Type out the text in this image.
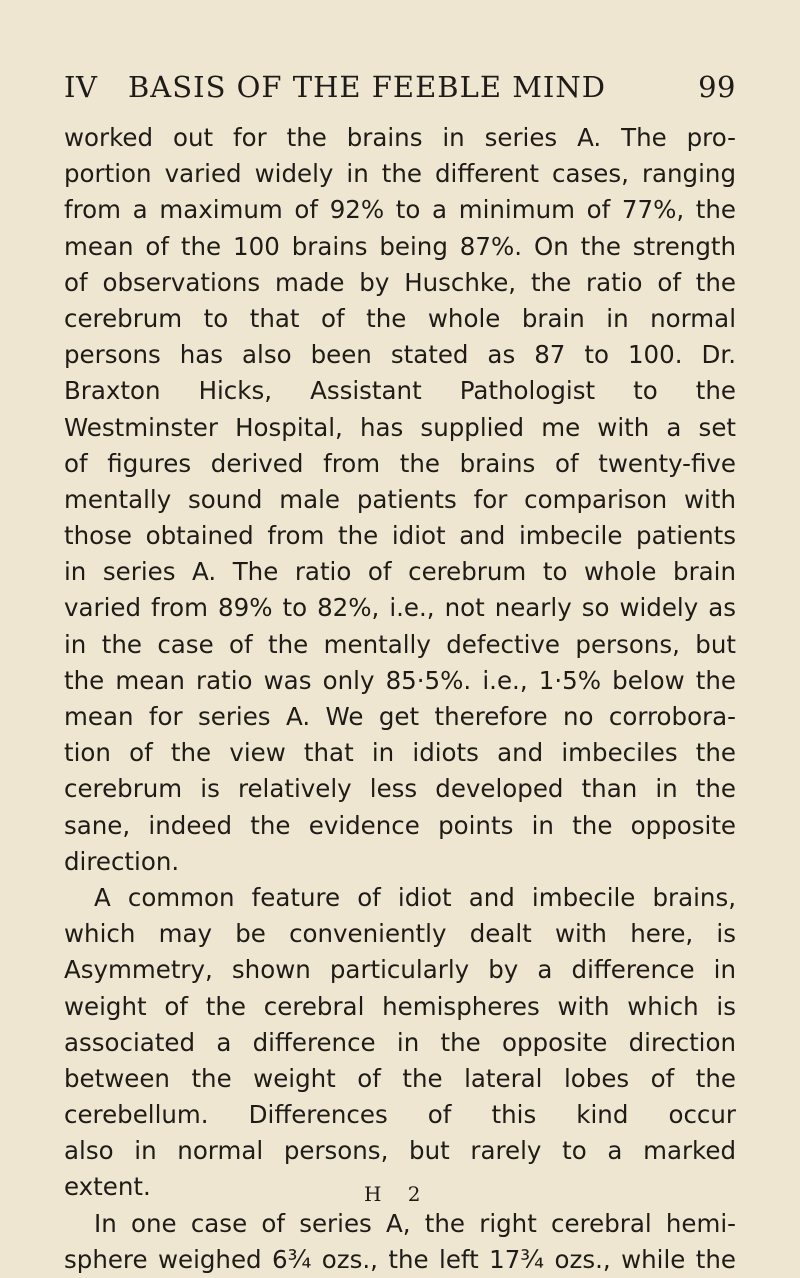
IV BASIS OF THE FEEBLE MIND	99
worked out for the brains in series A. The pro-
portion varied widely in the different cases, ranging
from a maximum of 92% to a minimum of 77%, the
mean of the 100 brains being 87%. On the strength
of observations made by Huschke, the ratio of the
cerebrum to that of the whole brain in normal
persons has also been stated as 87 to 100. Dr.
Braxton Hicks, Assistant Pathologist to the
Westminster Hospital, has supplied me with a set
of figures derived from the brains of twenty-five
mentally sound male patients for comparison with
those obtained from the idiot and imbecile patients
in series A. The ratio of cerebrum to whole brain
varied from 89% to 82%, i.e., not nearly so widely as
in the case of the mentally defective persons, but
the mean ratio was only 85·5%. i.e., 1·5% below the
mean for series A. We get therefore no corrobora-
tion of the view that in idiots and imbeciles the
cerebrum is relatively less developed than in the
sane, indeed the evidence points in the opposite
direction.
A common feature of idiot and imbecile brains,
which may be conveniently dealt with here, is
Asymmetry, shown particularly by a difference in
weight of the cerebral hemispheres with which is
associated a difference in the opposite direction
between the weight of the lateral lobes of the
cerebellum. Differences of this kind occur
also in normal persons, but rarely to a marked
extent.
In one case of series A, the right cerebral hemi-
sphere weighed 6¾ ozs., the left 17¾ ozs., while the
H 2
